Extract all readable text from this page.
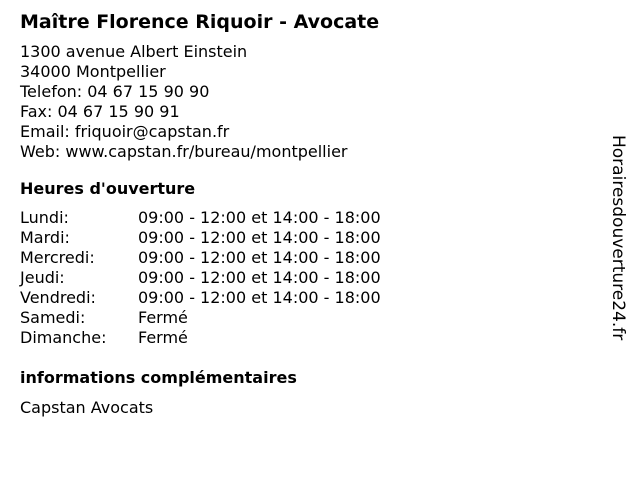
Maître Florence Riquoir - Avocate
1300 avenue Albert Einstein
34000 Montpellier
Telefon: 04 67 15 90 90
Fax: 04 67 15 90 91
Email: friquoir@capstan.fr
Web: www.capstan.fr/bureau/montpellier
Heures d'ouverture
Lundi:	09:00 - 12:00 et 14:00 - 18:00
Mardi:	09:00 - 12:00 et 14:00 - 18:00
Mercredi:	09:00 - 12:00 et 14:00 - 18:00
Jeudi:	09:00 - 12:00 et 14:00 - 18:00
Vendredi:	09:00 - 12:00 et 14:00 - 18:00
Samedi:	Fermé
Dimanche: Fermé
informations complémentaires
Capstan Avocats
Horairesdouverture24.fr
